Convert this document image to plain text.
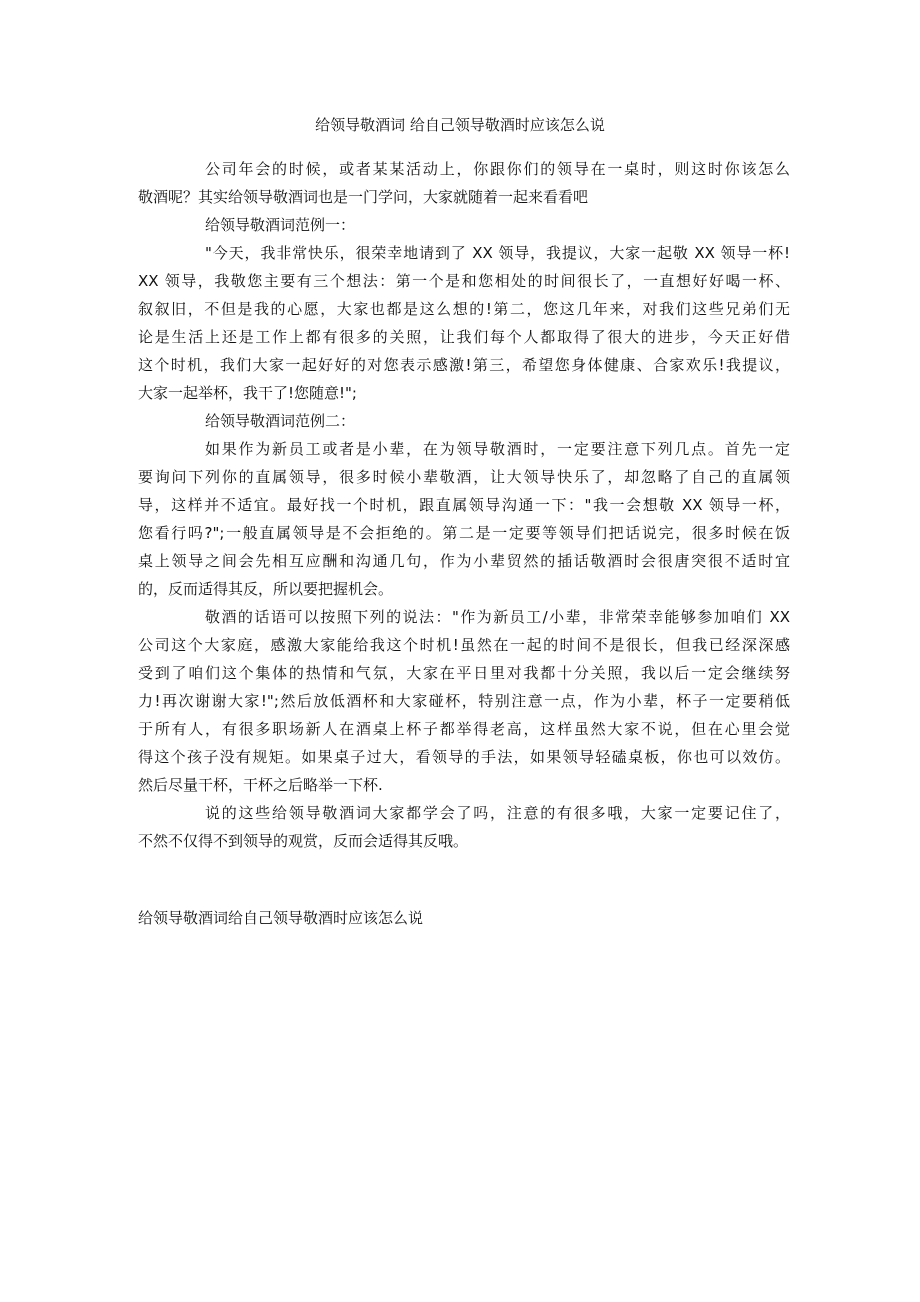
给领导敬酒词 给自己领导敬酒时应该怎么说
公司年会的时候，或者某某活动上，你跟你们的领导在一桌时，则这时你该怎么
敬酒呢？其实给领导敬酒词也是一门学问，大家就随着一起来看看吧
给领导敬酒词范例一：
"今天，我非常快乐，很荣幸地请到了 XX 领导，我提议，大家一起敬 XX 领导一杯!
XX 领导，我敬您主要有三个想法：第一个是和您相处的时间很长了，一直想好好喝一杯、
叙叙旧，不但是我的心愿，大家也都是这么想的!第二，您这几年来，对我们这些兄弟们无
论是生活上还是工作上都有很多的关照，让我们每个人都取得了很大的进步，今天正好借
这个时机，我们大家一起好好的对您表示感激!第三，希望您身体健康、合家欢乐!我提议，
大家一起举杯，我干了!您随意!";
给领导敬酒词范例二：
如果作为新员工或者是小辈，在为领导敬酒时，一定要注意下列几点。首先一定
要询问下列你的直属领导，很多时候小辈敬酒，让大领导快乐了，却忽略了自己的直属领
导，这样并不适宜。最好找一个时机，跟直属领导沟通一下："我一会想敬 XX 领导一杯，
您看行吗?";一般直属领导是不会拒绝的。第二是一定要等领导们把话说完，很多时候在饭
桌上领导之间会先相互应酬和沟通几句，作为小辈贸然的插话敬酒时会很唐突很不适时宜
的，反而适得其反，所以要把握机会。
敬酒的话语可以按照下列的说法："作为新员工/小辈，非常荣幸能够参加咱们 XX
公司这个大家庭，感激大家能给我这个时机!虽然在一起的时间不是很长，但我已经深深感
受到了咱们这个集体的热情和气氛，大家在平日里对我都十分关照，我以后一定会继续努
力!再次谢谢大家!";然后放低酒杯和大家碰杯，特别注意一点，作为小辈，杯子一定要稍低
于所有人，有很多职场新人在酒桌上杯子都举得老高，这样虽然大家不说，但在心里会觉
得这个孩子没有规矩。如果桌子过大，看领导的手法，如果领导轻磕桌板，你也可以效仿。
然后尽量干杯，干杯之后略举一下杯.
说的这些给领导敬酒词大家都学会了吗，注意的有很多哦，大家一定要记住了，
不然不仅得不到领导的观赏，反而会适得其反哦。
给领导敬酒词给自己领导敬酒时应该怎么说
